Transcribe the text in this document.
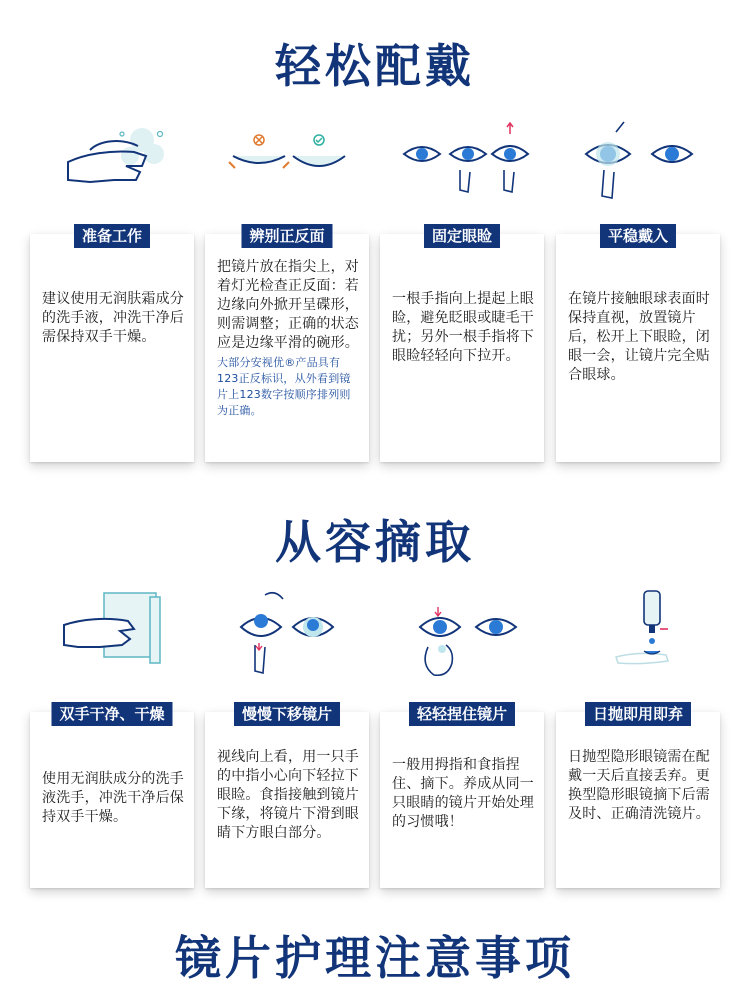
轻松配戴
准备工作
建议使用无润肤霜成分的洗手液，冲洗干净后需保持双手干燥。
辨别正反面
把镜片放在指尖上，对着灯光检查正反面：若边缘向外掀开呈碟形，则需调整；正确的状态应是边缘平滑的碗形。
大部分安视优®产品具有123正反标识，从外看到镜片上123数字按顺序排列则为正确。
固定眼睑
一根手指向上提起上眼睑，避免眨眼或睫毛干扰；另外一根手指将下眼睑轻轻向下拉开。
平稳戴入
在镜片接触眼球表面时保持直视，放置镜片后，松开上下眼睑，闭眼一会，让镜片完全贴合眼球。
从容摘取
双手干净、干燥
使用无润肤成分的洗手液洗手，冲洗干净后保持双手干燥。
慢慢下移镜片
视线向上看，用一只手的中指小心向下轻拉下眼睑。食指接触到镜片下缘，将镜片下滑到眼睛下方眼白部分。
轻轻捏住镜片
一般用拇指和食指捏住、摘下。养成从同一只眼睛的镜片开始处理的习惯哦！
日抛即用即弃
日抛型隐形眼镜需在配戴一天后直接丢弃。更换型隐形眼镜摘下后需及时、正确清洗镜片。
镜片护理注意事项
